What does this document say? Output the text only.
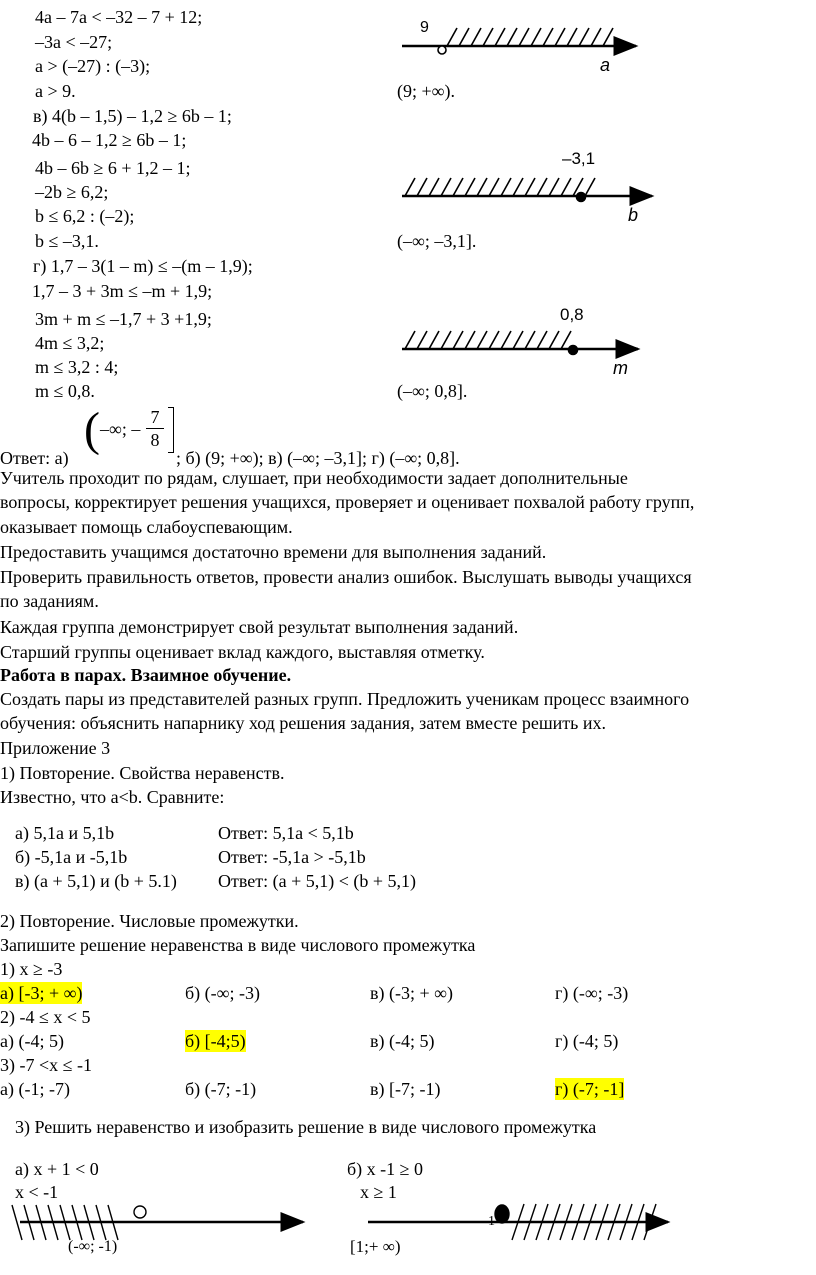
4a – 7a < –32 – 7 + 12;
–3a < –27;
a > (–27) : (–3);
a > 9.	(9; +∞).
9
a
в) 4(b – 1,5) – 1,2 ≥ 6b – 1;
4b – 6 – 1,2 ≥ 6b – 1;
4b – 6b ≥ 6 + 1,2 – 1;
–2b ≥ 6,2;
b ≤ 6,2 : (–2);
b ≤ –3,1.	(–∞; –3,1].
–3,1
b
г) 1,7 – 3(1 – m) ≤ –(m – 1,9);
1,7 – 3 + 3m ≤ –m + 1,9;
3m + m ≤ –1,7 + 3 +1,9;
4m ≤ 3,2;
m ≤ 3,2 : 4;
m ≤ 0,8.	(–∞; 0,8].
0,8
m
Ответ: а)
( –∞; –
7
8
; б) (9; +∞); в) (–∞; –3,1]; г) (–∞; 0,8].
Учитель проходит по рядам, слушает, при необходимости задает дополнительные
вопросы, корректирует решения учащихся, проверяет и оценивает похвалой работу групп,
оказывает помощь слабоуспевающим.
Предоставить учащимся достаточно времени для выполнения заданий.
Проверить правильность ответов, провести анализ ошибок. Выслушать выводы учащихся
по заданиям.
Каждая группа демонстрирует свой результат выполнения заданий.
Старший группы оценивает вклад каждого, выставляя отметку.
Работа в парах. Взаимное обучение.
Создать пары из представителей разных групп. Предложить ученикам процесс взаимного
обучения: объяснить напарнику ход решения задания, затем вместе решить их.
Приложение 3
1) Повторение. Свойства неравенств.
Известно, что a<b. Сравните:
а) 5,1a и 5,1b	Ответ: 5,1a < 5,1b
б) -5,1a и -5,1b	Ответ: -5,1a > -5,1b
в) (a + 5,1) и (b + 5.1) Ответ: (a + 5,1) < (b + 5,1)
2) Повторение. Числовые промежутки.
Запишите решение неравенства в виде числового промежутка
1) x ≥ -3
а) [-3; + ∞)	б) (-∞; -3)	в) (-3; + ∞)	г) (-∞; -3)
2) -4 ≤ x < 5
а) (-4; 5)	б) [-4;5)	в) (-4; 5)	г) (-4; 5)
3) -7 <x ≤ -1
а) (-1; -7)	б) (-7; -1)	в) [-7; -1)	г) (-7; -1]
3) Решить неравенство и изобразить решение в виде числового промежутка
а) x + 1 < 0
x < -1
(-∞; -1)
б) x -1 ≥ 0
x ≥ 1
1
[1;+ ∞)
